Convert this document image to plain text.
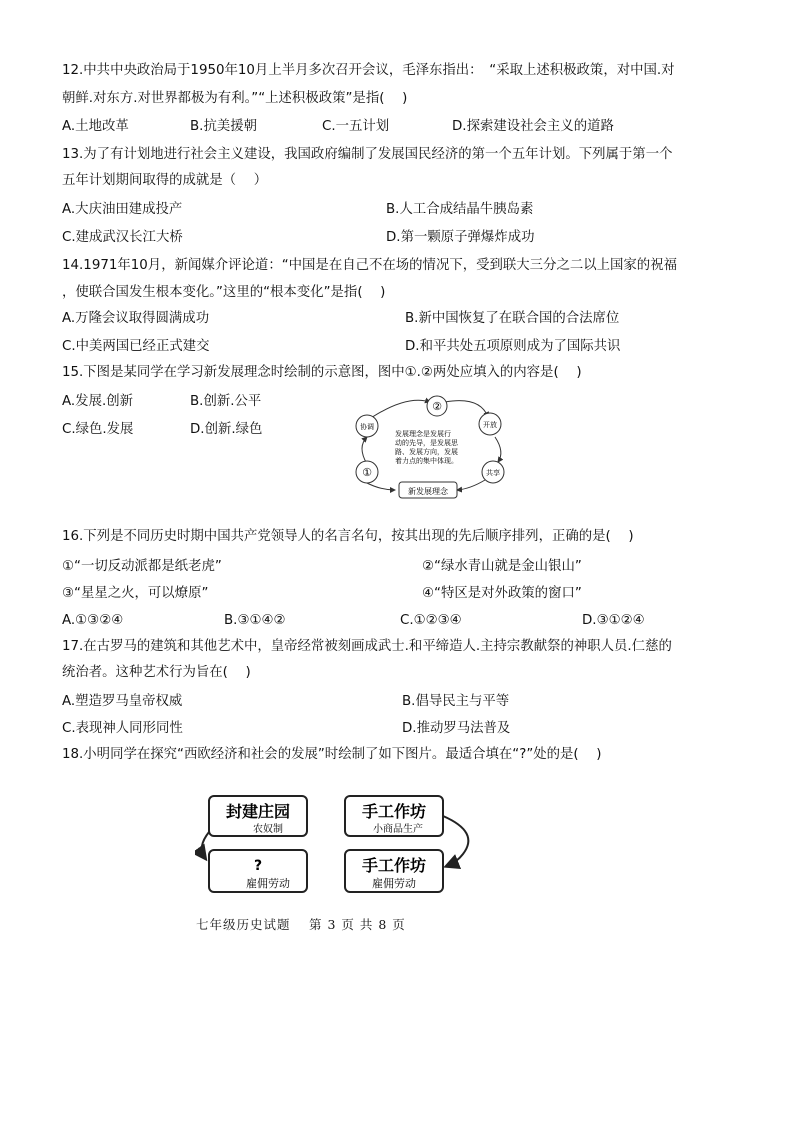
12.中共中央政治局于1950年10月上半月多次召开会议，毛泽东指出：　“采取上述积极政策，对中国.对
朝鲜.对东方.对世界都极为有利。”“上述积极政策”是指(　 )
A.土地改革	B.抗美援朝	C.一五计划	D.探索建设社会主义的道路
13.为了有计划地进行社会主义建设，我国政府编制了发展国民经济的第一个五年计划。下列属于第一个
五年计划期间取得的成就是（　 ）
A.大庆油田建成投产	B.人工合成结晶牛胰岛素
C.建成武汉长江大桥	D.第一颗原子弹爆炸成功
14.1971年10月，新闻媒介评论道：“中国是在自己不在场的情况下，受到联大三分之二以上国家的祝福
，使联合国发生根本变化。”这里的“根本变化”是指(　 )
A.万隆会议取得圆满成功	B.新中国恢复了在联合国的合法席位
C.中美两国已经正式建交	D.和平共处五项原则成为了国际共识
15.下图是某同学在学习新发展理念时绘制的示意图，图中①.②两处应填入的内容是(　 )
A.发展.创新	B.创新.公平
C.绿色.发展	D.创新.绿色
②
协调	开放
①	共享
发展理念是发展行
动的先导，是发展思
路、发展方向，发展
着力点的集中体现。
新发展理念
16.下列是不同历史时期中国共产党领导人的名言名句，按其出现的先后顺序排列，正确的是(　 )
①“一切反动派都是纸老虎”	②“绿水青山就是金山银山”
③“星星之火，可以燎原”	④“特区是对外政策的窗口”
A.①③②④	B.③①④②	C.①②③④	D.③①②④
17.在古罗马的建筑和其他艺术中，皇帝经常被刻画成武士.和平缔造人.主持宗教献祭的神职人员.仁慈的
统治者。这种艺术行为旨在(　 )
A.塑造罗马皇帝权威	B.倡导民主与平等
C.表现神人同形同性	D.推动罗马法普及
18.小明同学在探究“西欧经济和社会的发展”时绘制了如下图片。最适合填在“?”处的是(　 )
封建庄园
农奴制
手工作坊
小商品生产
?
雇佣劳动
手工作坊
雇佣劳动
七年级历史试题　 第 3 页 共 8 页
